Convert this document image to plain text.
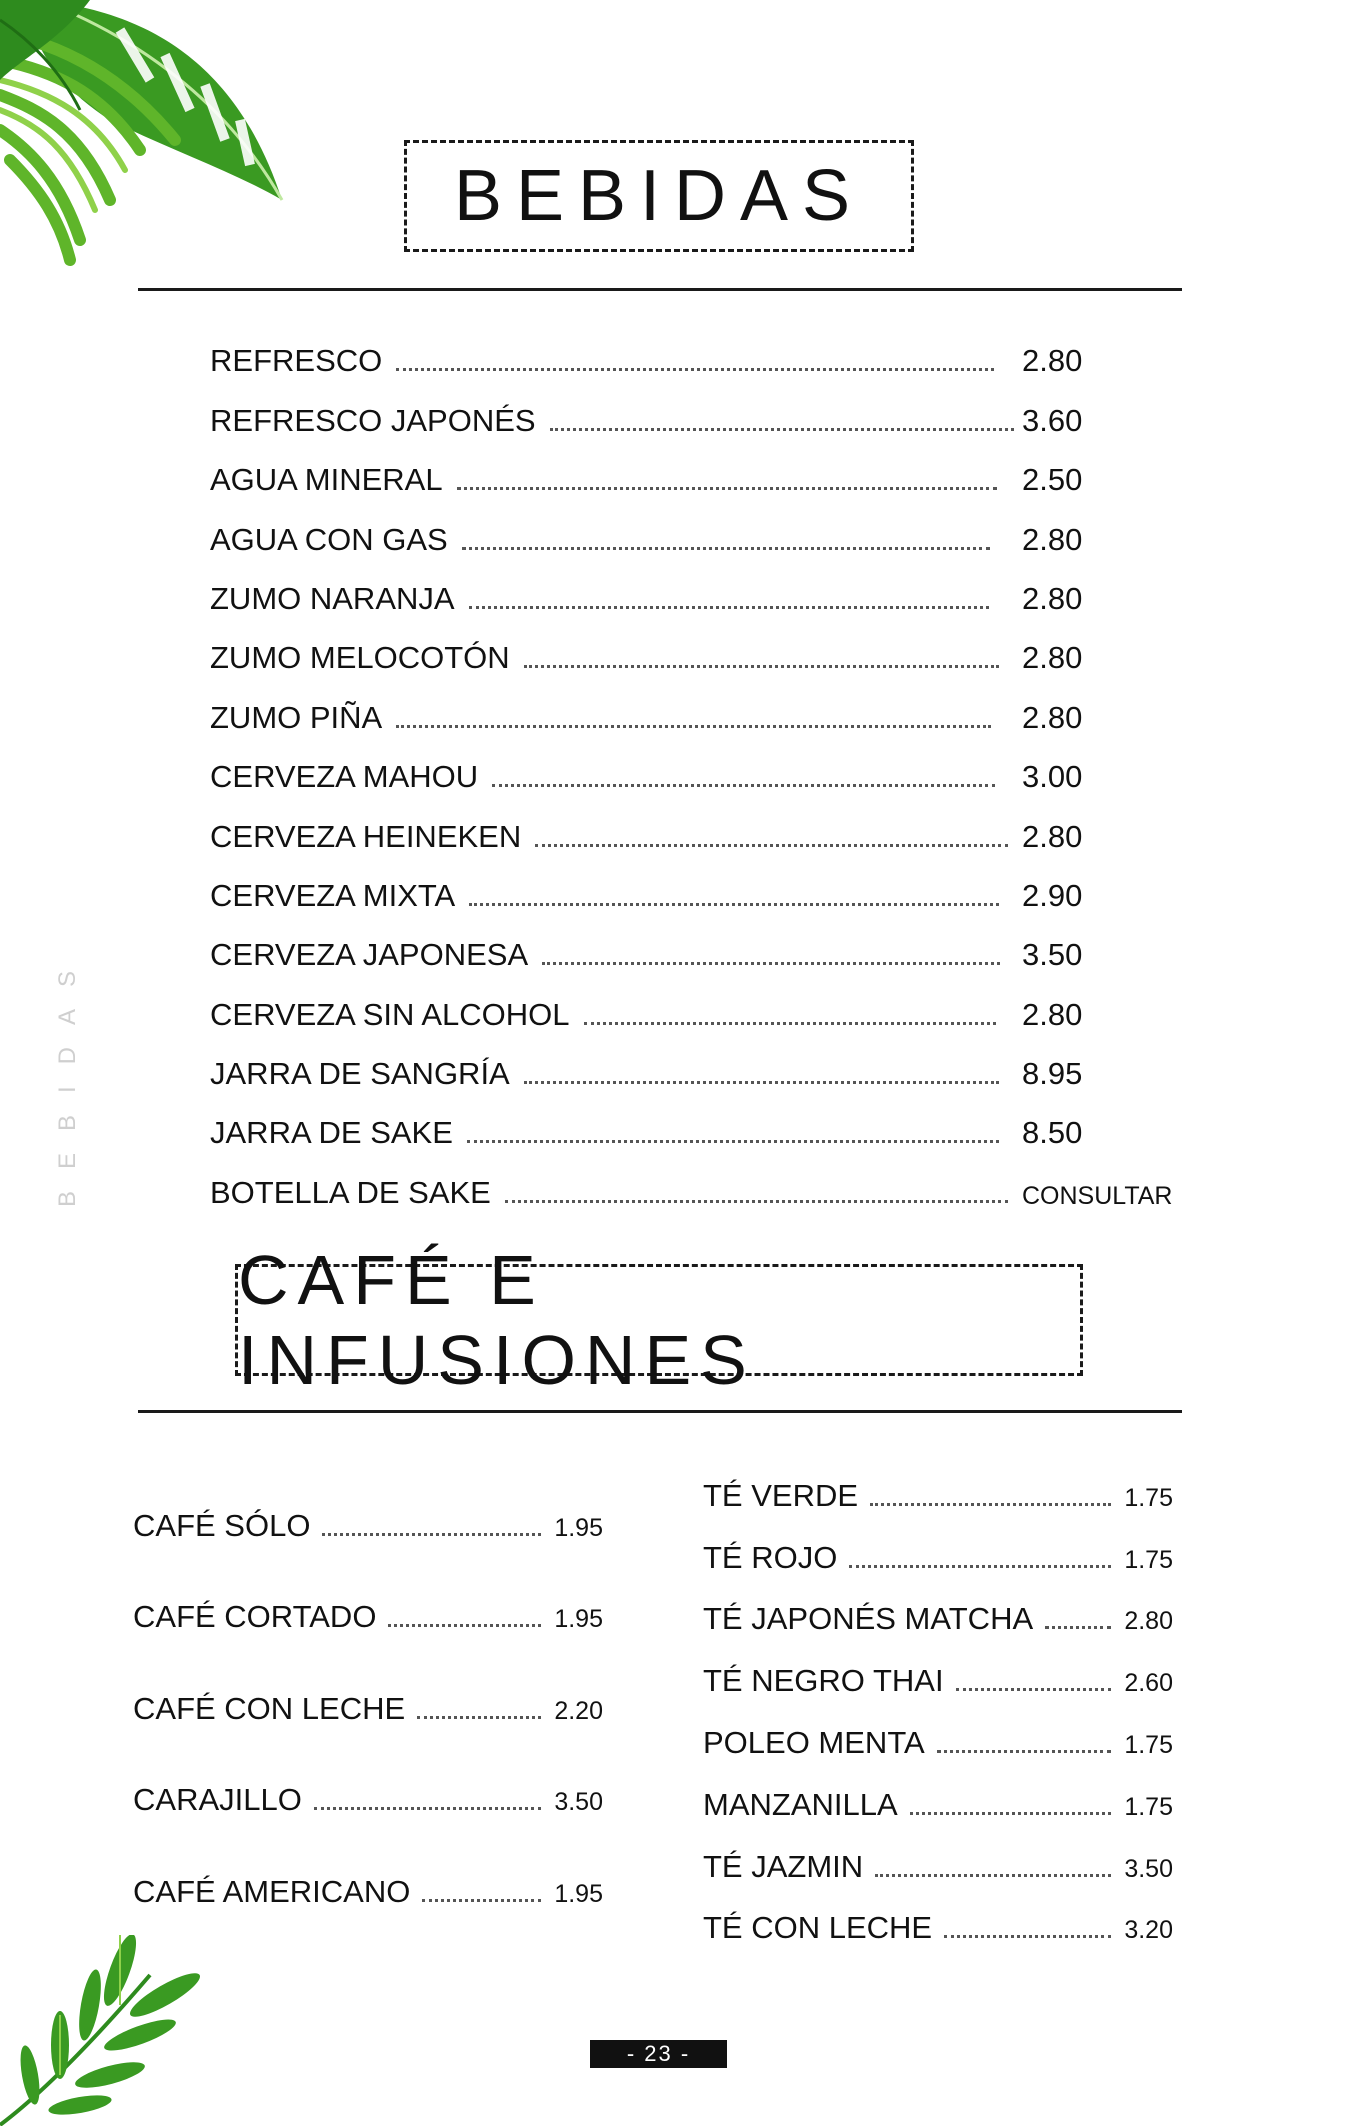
BEBIDAS
BEBIDAS
REFRESCO	2.80
REFRESCO JAPONÉS	3.60
AGUA MINERAL	2.50
AGUA CON GAS	2.80
ZUMO NARANJA	2.80
ZUMO MELOCOTÓN	2.80
ZUMO PIÑA	2.80
CERVEZA MAHOU	3.00
CERVEZA HEINEKEN	2.80
CERVEZA MIXTA	2.90
CERVEZA JAPONESA	3.50
CERVEZA SIN ALCOHOL	2.80
JARRA DE SANGRÍA	8.95
JARRA DE SAKE	8.50
BOTELLA DE SAKE	CONSULTAR
CAFÉ E INFUSIONES
CAFÉ SÓLO	1.95
CAFÉ CORTADO	1.95
CAFÉ CON LECHE	2.20
CARAJILLO	3.50
CAFÉ AMERICANO	1.95
TÉ VERDE	1.75
TÉ ROJO	1.75
TÉ JAPONÉS MATCHA	2.80
TÉ NEGRO THAI	2.60
POLEO MENTA	1.75
MANZANILLA	1.75
TÉ JAZMIN	3.50
TÉ CON LECHE	3.20
- 23 -
